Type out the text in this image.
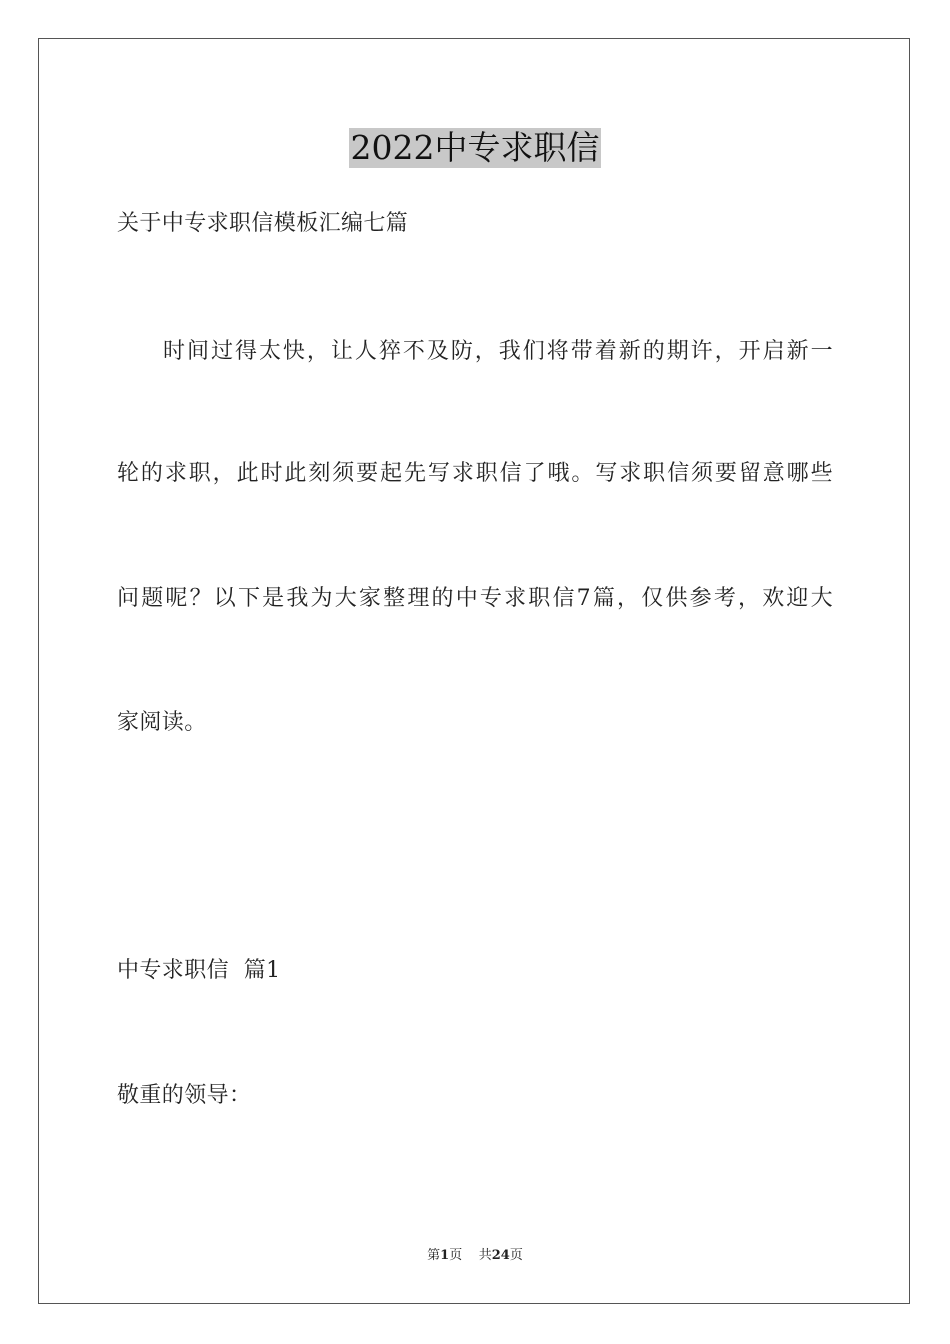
2022中专求职信
关于中专求职信模板汇编七篇
时间过得太快，让人猝不及防，我们将带着新的期许，开启新一
轮的求职，此时此刻须要起先写求职信了哦。写求职信须要留意哪些
问题呢？以下是我为大家整理的中专求职信7篇，仅供参考，欢迎大
家阅读。
中专求职信  篇1
敬重的领导：
第1页 共24页
